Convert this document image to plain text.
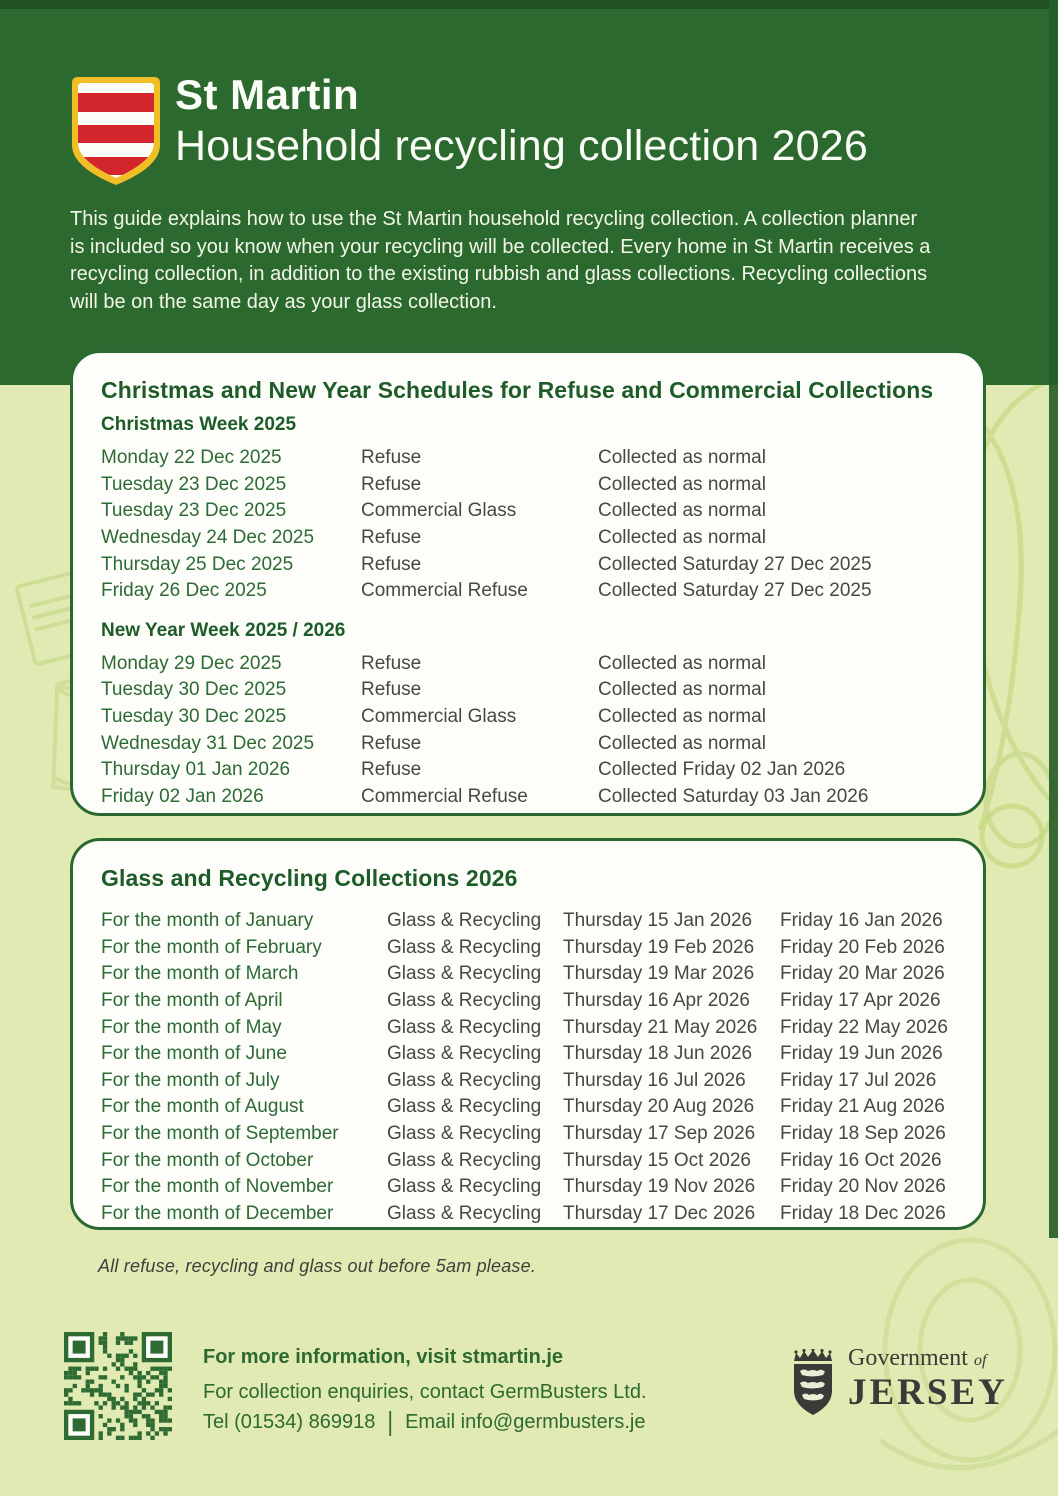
St Martin
Household recycling collection 2026
This guide explains how to use the St Martin household recycling collection. A collection planner
is included so you know when your recycling will be collected. Every home in St Martin receives a
recycling collection, in addition to the existing rubbish and glass collections. Recycling collections
will be on the same day as your glass collection.
Christmas and New Year Schedules for Refuse and Commercial Collections
Christmas Week 2025
Monday 22 Dec 2025	Refuse	Collected as normal
Tuesday 23 Dec 2025	Refuse	Collected as normal
Tuesday 23 Dec 2025	Commercial Glass	Collected as normal
Wednesday 24 Dec 2025	Refuse	Collected as normal
Thursday 25 Dec 2025	Refuse	Collected Saturday 27 Dec 2025
Friday 26 Dec 2025	Commercial Refuse	Collected Saturday 27 Dec 2025
New Year Week 2025 / 2026
Monday 29 Dec 2025	Refuse	Collected as normal
Tuesday 30 Dec 2025	Refuse	Collected as normal
Tuesday 30 Dec 2025	Commercial Glass	Collected as normal
Wednesday 31 Dec 2025	Refuse	Collected as normal
Thursday 01 Jan 2026	Refuse	Collected Friday 02 Jan 2026
Friday 02 Jan 2026	Commercial Refuse	Collected Saturday 03 Jan 2026
Glass and Recycling Collections 2026
For the month of January	Glass & Recycling	Thursday 15 Jan 2026	Friday 16 Jan 2026
For the month of February	Glass & Recycling	Thursday 19 Feb 2026	Friday 20 Feb 2026
For the month of March	Glass & Recycling	Thursday 19 Mar 2026	Friday 20 Mar 2026
For the month of April	Glass & Recycling	Thursday 16 Apr 2026	Friday 17 Apr 2026
For the month of May	Glass & Recycling	Thursday 21 May 2026	Friday 22 May 2026
For the month of June	Glass & Recycling	Thursday 18 Jun 2026	Friday 19 Jun 2026
For the month of July	Glass & Recycling	Thursday 16 Jul 2026	Friday 17 Jul 2026
For the month of August	Glass & Recycling	Thursday 20 Aug 2026	Friday 21 Aug 2026
For the month of September	Glass & Recycling	Thursday 17 Sep 2026	Friday 18 Sep 2026
For the month of October	Glass & Recycling	Thursday 15 Oct 2026	Friday 16 Oct 2026
For the month of November	Glass & Recycling	Thursday 19 Nov 2026	Friday 20 Nov 2026
For the month of December	Glass & Recycling	Thursday 17 Dec 2026	Friday 18 Dec 2026
All refuse, recycling and glass out before 5am please.
For more information, visit stmartin.je
For collection enquiries, contact GermBusters Ltd.
Tel (01534) 869918 | Email info@germbusters.je
Government of
JERSEY
